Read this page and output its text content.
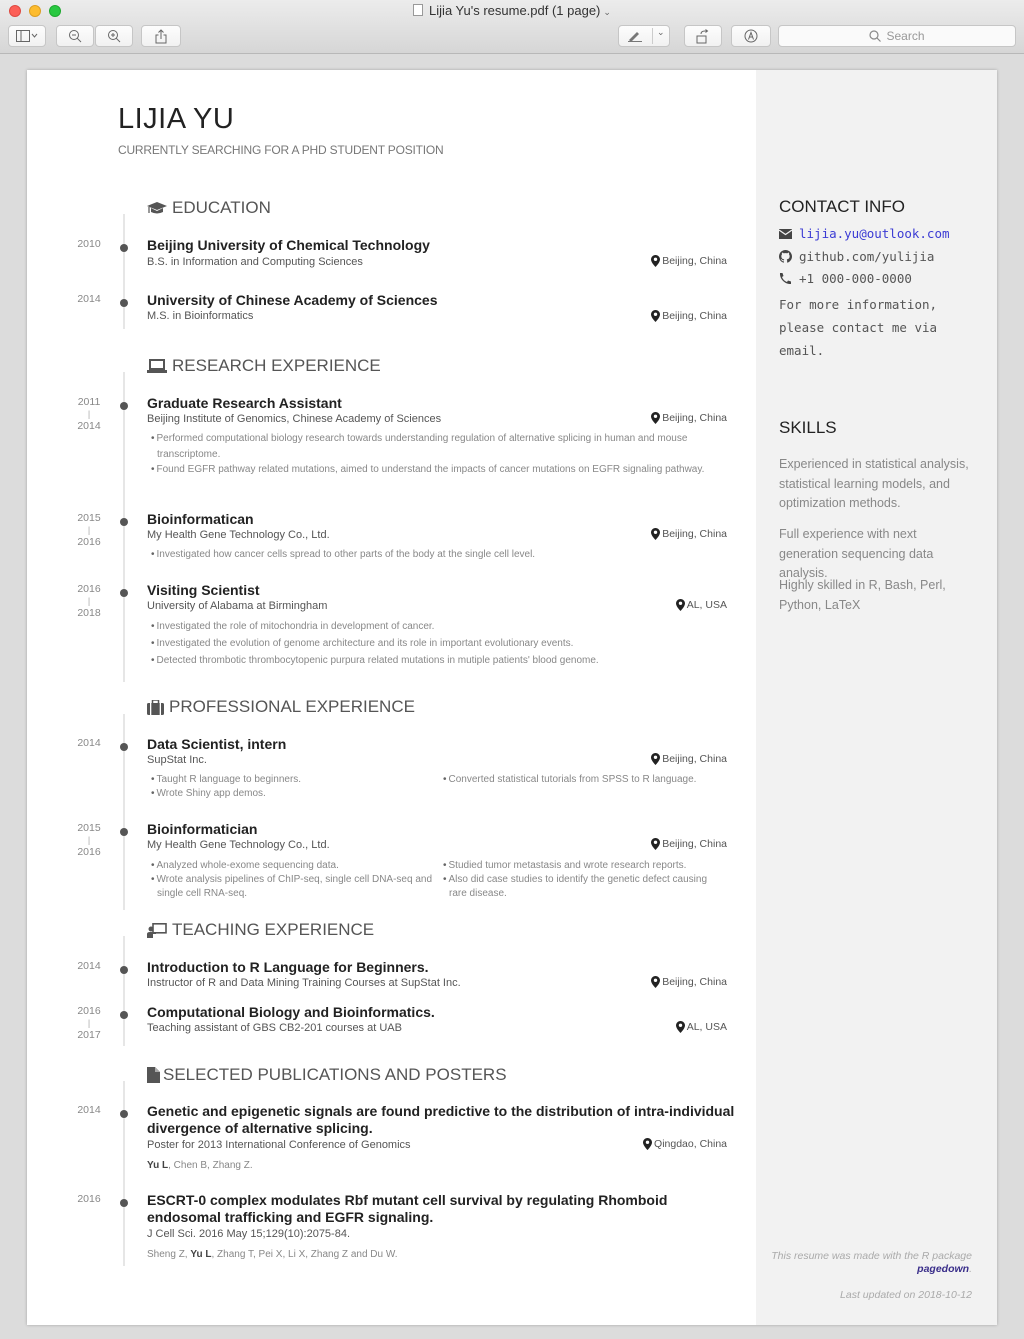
Lijia Yu's resume.pdf (1 page) ⌄
⌄	Search
LIJIA YU
CURRENTLY SEARCHING FOR A PHD STUDENT POSITION
EDUCATION
2010	Beijing University of Chemical Technology
B.S. in Information and Computing Sciences	Beijing, China
2014	University of Chinese Academy of Sciences
M.S. in Bioinformatics	Beijing, China
RESEARCH EXPERIENCE
2011
|
2014
Graduate Research Assistant
Beijing Institute of Genomics, Chinese Academy of Sciences	Beijing, China
• Performed computational biology research towards understanding regulation of alternative splicing in human and mouse transcriptome.
• Found EGFR pathway related mutations, aimed to understand the impacts of cancer mutations on EGFR signaling pathway.
2015
|
2016
Bioinformatican
My Health Gene Technology Co., Ltd.	Beijing, China
• Investigated how cancer cells spread to other parts of the body at the single cell level.
2016
|
2018
Visiting Scientist
University of Alabama at Birmingham	AL, USA
• Investigated the role of mitochondria in development of cancer.
• Investigated the evolution of genome architecture and its role in important evolutionary events.
• Detected thrombotic thrombocytopenic purpura related mutations in mutiple patients' blood genome.
PROFESSIONAL EXPERIENCE
2014	Data Scientist, intern
SupStat Inc.	Beijing, China
• Taught R language to beginners.
• Wrote Shiny app demos.
• Converted statistical tutorials from SPSS to R language.
2015
|
2016
Bioinformatician
My Health Gene Technology Co., Ltd.	Beijing, China
• Analyzed whole-exome sequencing data.
• Wrote analysis pipelines of ChIP-seq, single cell DNA-seq and single cell RNA-seq.
• Studied tumor metastasis and wrote research reports.
• Also did case studies to identify the genetic defect causing rare disease.
TEACHING EXPERIENCE
2014	Introduction to R Language for Beginners.
Instructor of R and Data Mining Training Courses at SupStat Inc.	Beijing, China
2016
|
2017
Computational Biology and Bioinformatics.
Teaching assistant of GBS CB2-201 courses at UAB	AL, USA
SELECTED PUBLICATIONS AND POSTERS
2014	Genetic and epigenetic signals are found predictive to the distribution of intra-individual divergence of alternative splicing.
Poster for 2013 International Conference of Genomics	Qingdao, China
Yu L, Chen B, Zhang Z.
2016	ESCRT-0 complex modulates Rbf mutant cell survival by regulating Rhomboid endosomal trafficking and EGFR signaling.
J Cell Sci. 2016 May 15;129(10):2075-84.
Sheng Z, Yu L, Zhang T, Pei X, Li X, Zhang Z and Du W.
CONTACT INFO
lijia.yu@outlook.com
github.com/yulijia
+1 000-000-0000
For more information, please contact me via email.
SKILLS
Experienced in statistical analysis, statistical learning models, and optimization methods.
Full experience with next generation sequencing data analysis.
Highly skilled in R, Bash, Perl, Python, LaTeX
This resume was made with the R package pagedown.
Last updated on 2018-10-12
